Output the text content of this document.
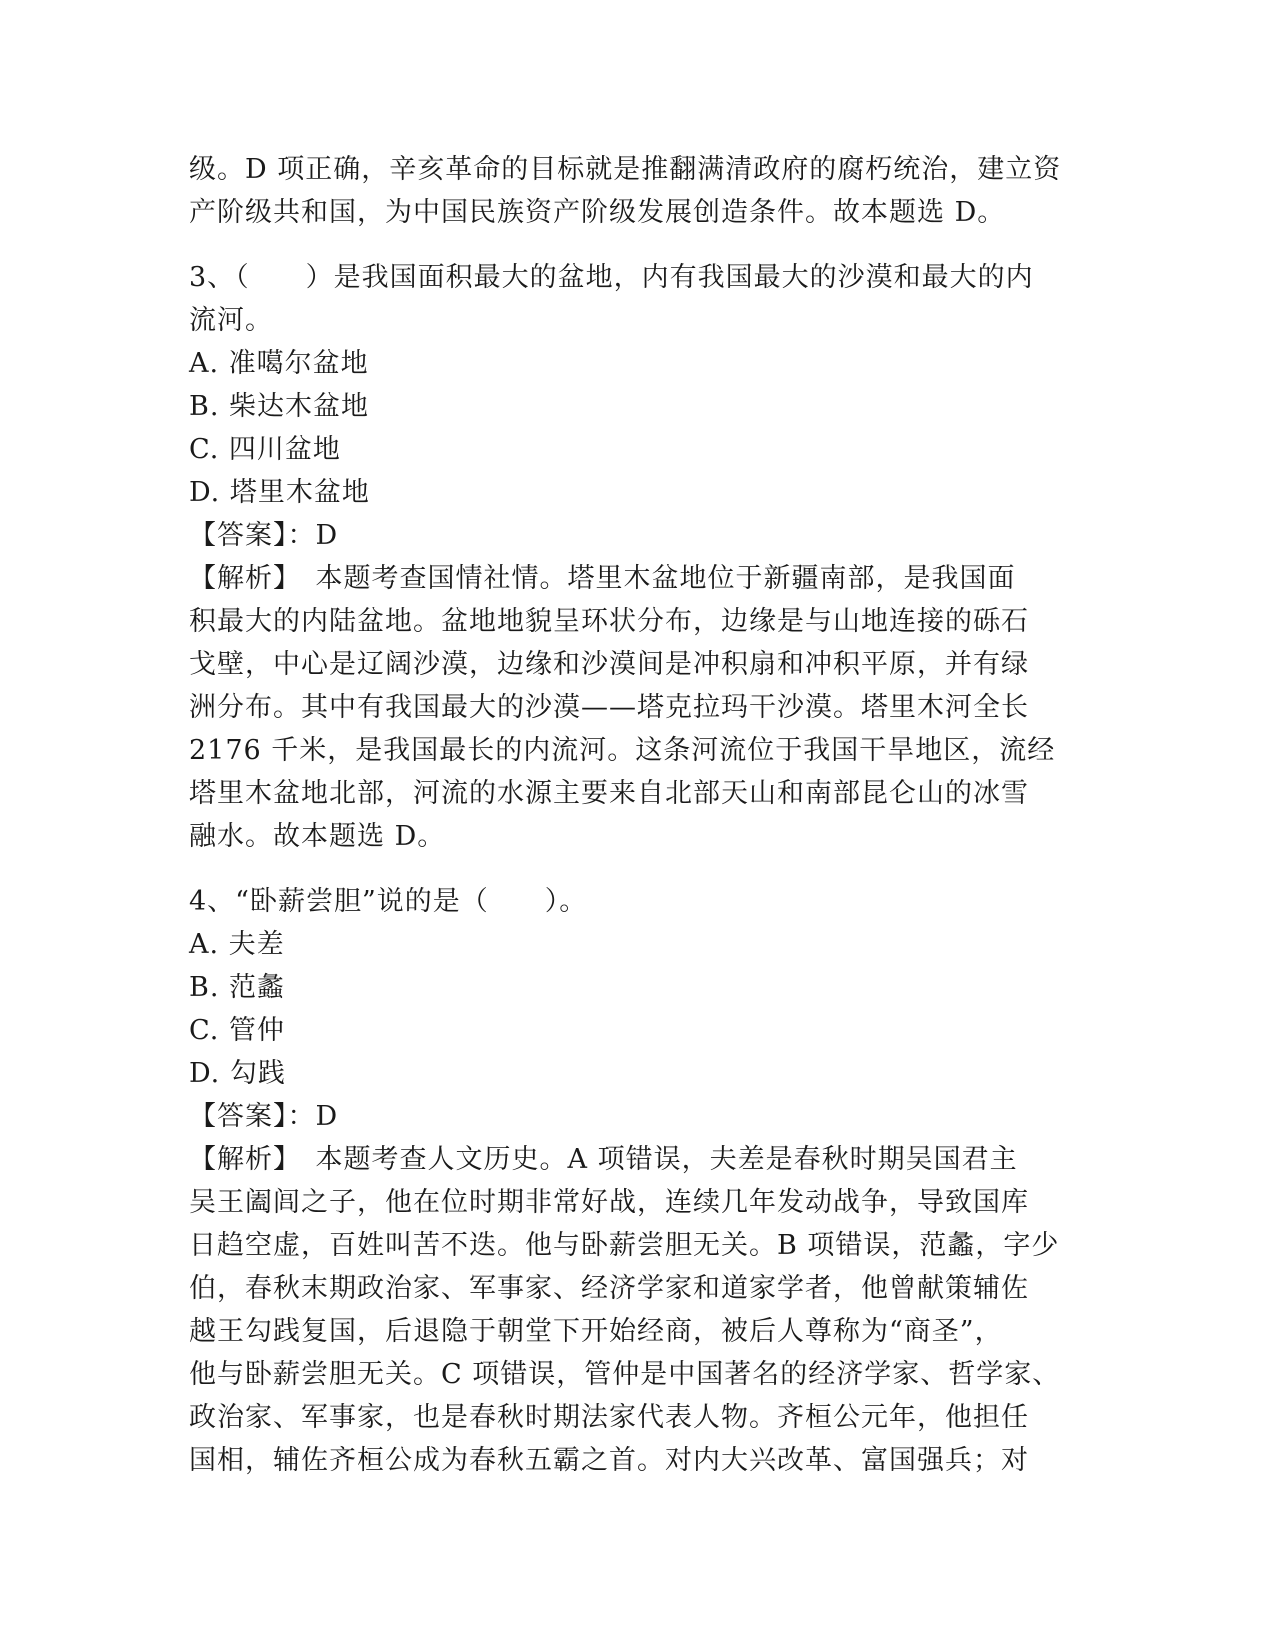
级。D 项正确，辛亥革命的目标就是推翻满清政府的腐朽统治，建立资
产阶级共和国，为中国民族资产阶级发展创造条件。故本题选 D。
3、（　　）是我国面积最大的盆地，内有我国最大的沙漠和最大的内
流河。
A. 准噶尔盆地
B. 柴达木盆地
C. 四川盆地
D. 塔里木盆地
【答案】：D
【解析】　本题考查国情社情。塔里木盆地位于新疆南部，是我国面
积最大的内陆盆地。盆地地貌呈环状分布，边缘是与山地连接的砾石
戈壁，中心是辽阔沙漠，边缘和沙漠间是冲积扇和冲积平原，并有绿
洲分布。其中有我国最大的沙漠——塔克拉玛干沙漠。塔里木河全长
2176 千米，是我国最长的内流河。这条河流位于我国干旱地区，流经
塔里木盆地北部，河流的水源主要来自北部天山和南部昆仑山的冰雪
融水。故本题选 D。
4、“卧薪尝胆”说的是（　　）。
A. 夫差
B. 范蠡
C. 管仲
D. 勾践
【答案】：D
【解析】　本题考查人文历史。A 项错误，夫差是春秋时期吴国君主
吴王阖闾之子，他在位时期非常好战，连续几年发动战争，导致国库
日趋空虚，百姓叫苦不迭。他与卧薪尝胆无关。B 项错误，范蠡，字少
伯，春秋末期政治家、军事家、经济学家和道家学者，他曾献策辅佐
越王勾践复国，后退隐于朝堂下开始经商，被后人尊称为“商圣”，
他与卧薪尝胆无关。C 项错误，管仲是中国著名的经济学家、哲学家、
政治家、军事家，也是春秋时期法家代表人物。齐桓公元年，他担任
国相，辅佐齐桓公成为春秋五霸之首。对内大兴改革、富国强兵；对
